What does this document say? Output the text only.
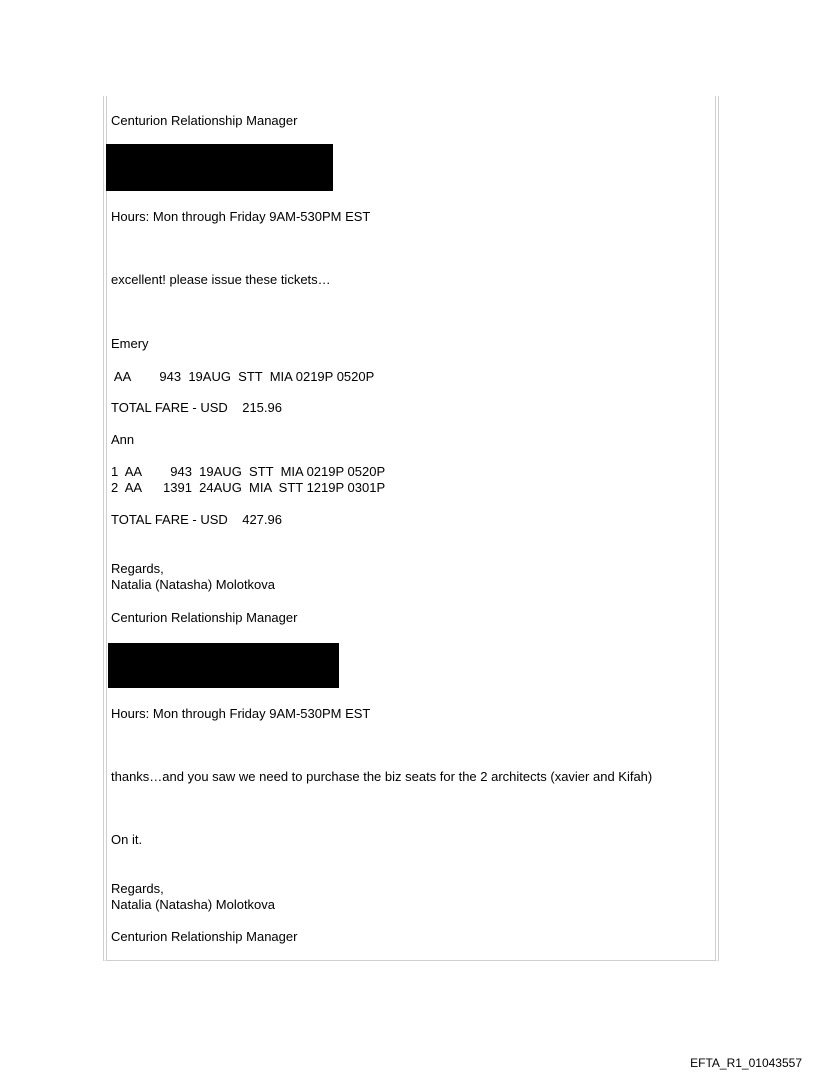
Centurion Relationship Manager
Hours: Mon through Friday 9AM-530PM EST
excellent! please issue these tickets…
Emery
AA        943  19AUG  STT  MIA 0219P 0520P
TOTAL FARE - USD    215.96
Ann
1  AA        943  19AUG  STT  MIA 0219P 0520P
2  AA      1391  24AUG  MIA  STT 1219P 0301P
TOTAL FARE - USD    427.96
Regards,
Natalia (Natasha) Molotkova
Centurion Relationship Manager
Hours: Mon through Friday 9AM-530PM EST
thanks…and you saw we need to purchase the biz seats for the 2 architects (xavier and Kifah)
On it.
Regards,
Natalia (Natasha) Molotkova
Centurion Relationship Manager
EFTA_R1_01043557
